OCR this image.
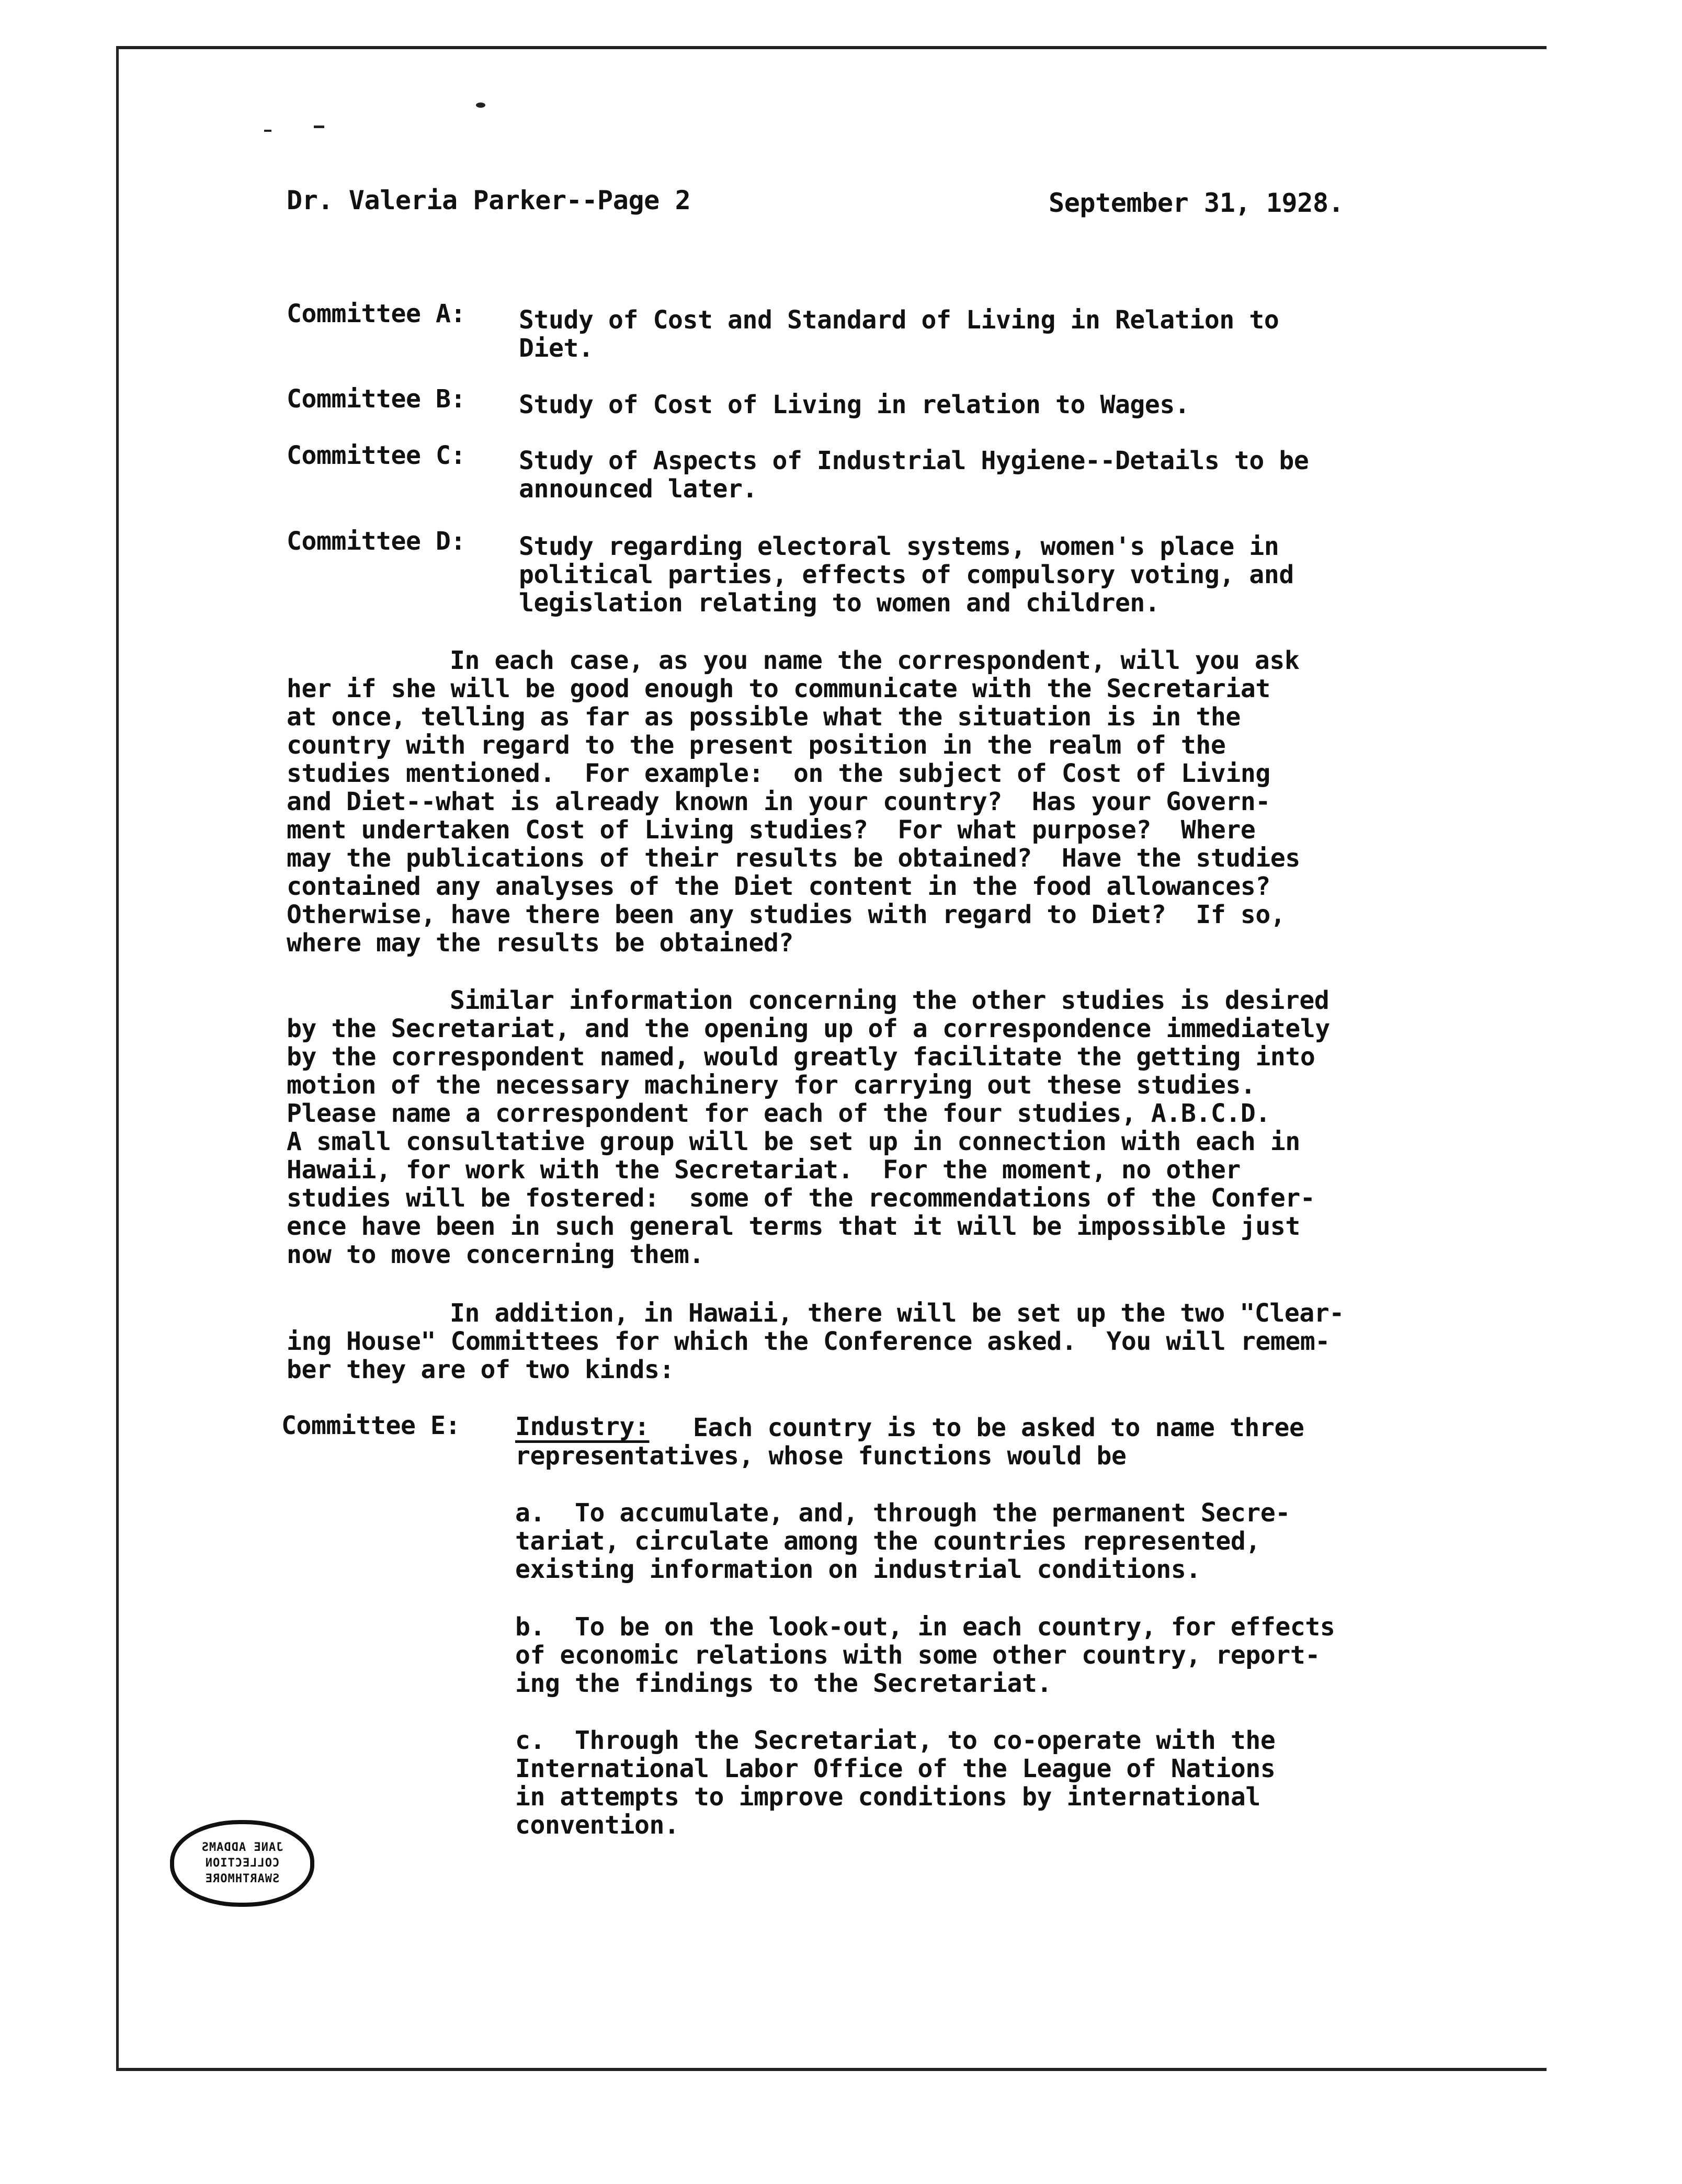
Dr. Valeria Parker--Page 2	September 31, 1928.
Committee A: Study of Cost and Standard of Living in Relation to
Diet.
Committee B: Study of Cost of Living in relation to Wages.
Committee C: Study of Aspects of Industrial Hygiene--Details to be
announced later.
Committee D: Study regarding electoral systems, women's place in
political parties, effects of compulsory voting, and
legislation relating to women and children.
In each case, as you name the correspondent, will you ask
her if she will be good enough to communicate with the Secretariat
at once, telling as far as possible what the situation is in the
country with regard to the present position in the realm of the
studies mentioned.  For example:  on the subject of Cost of Living
and Diet--what is already known in your country?  Has your Govern-
ment undertaken Cost of Living studies?  For what purpose?  Where
may the publications of their results be obtained?  Have the studies
contained any analyses of the Diet content in the food allowances?
Otherwise, have there been any studies with regard to Diet?  If so,
where may the results be obtained?
Similar information concerning the other studies is desired
by the Secretariat, and the opening up of a correspondence immediately
by the correspondent named, would greatly facilitate the getting into
motion of the necessary machinery for carrying out these studies.
Please name a correspondent for each of the four studies, A.B.C.D.
A small consultative group will be set up in connection with each in
Hawaii, for work with the Secretariat.  For the moment, no other
studies will be fostered:  some of the recommendations of the Confer-
ence have been in such general terms that it will be impossible just
now to move concerning them.
In addition, in Hawaii, there will be set up the two "Clear-
ing House" Committees for which the Conference asked.  You will remem-
ber they are of two kinds:
Committee E: Industry: Each country is to be asked to name three
representatives, whose functions would be
a.  To accumulate, and, through the permanent Secre-
tariat, circulate among the countries represented,
existing information on industrial conditions.
b.  To be on the look-out, in each country, for effects
of economic relations with some other country, report-
ing the findings to the Secretariat.
c.  Through the Secretariat, to co-operate with the
International Labor Office of the League of Nations
in attempts to improve conditions by international
convention.
JANE ADDAMS
COLLECTION
SWARTHMORE
